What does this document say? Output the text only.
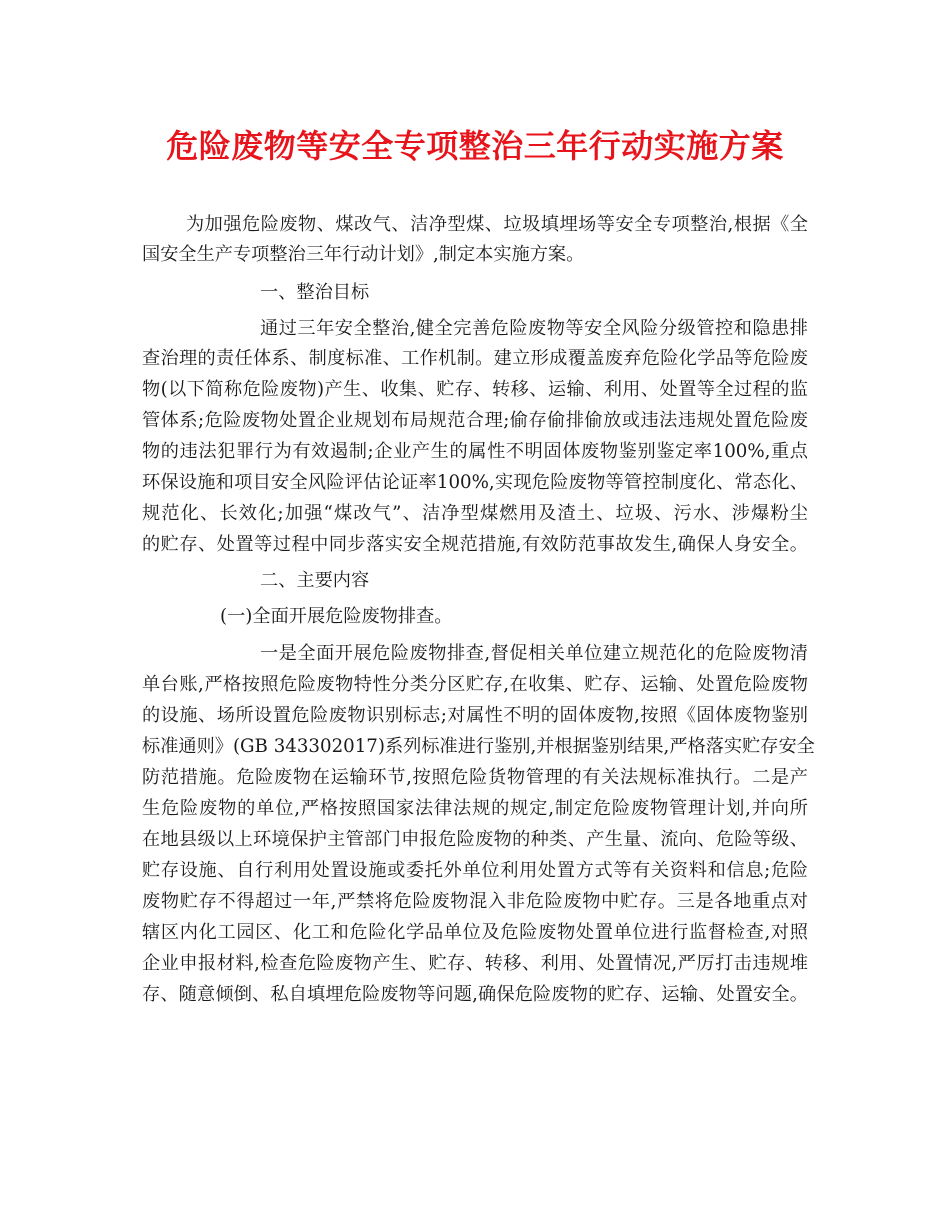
危险废物等安全专项整治三年行动实施方案
为加强危险废物、煤改气、洁净型煤、垃圾填埋场等安全专项整治,根据《全
国安全生产专项整治三年行动计划》,制定本实施方案。
一、整治目标
通过三年安全整治,健全完善危险废物等安全风险分级管控和隐患排
查治理的责任体系、制度标准、工作机制。建立形成覆盖废弃危险化学品等危险废
物(以下简称危险废物)产生、收集、贮存、转移、运输、利用、处置等全过程的监
管体系;危险废物处置企业规划布局规范合理;偷存偷排偷放或违法违规处置危险废
物的违法犯罪行为有效遏制;企业产生的属性不明固体废物鉴别鉴定率100%,重点
环保设施和项目安全风险评估论证率100%,实现危险废物等管控制度化、常态化、
规范化、长效化;加强“煤改气”、洁净型煤燃用及渣土、垃圾、污水、涉爆粉尘
的贮存、处置等过程中同步落实安全规范措施,有效防范事故发生,确保人身安全。
二、主要内容
(一)全面开展危险废物排查。
一是全面开展危险废物排查,督促相关单位建立规范化的危险废物清
单台账,严格按照危险废物特性分类分区贮存,在收集、贮存、运输、处置危险废物
的设施、场所设置危险废物识别标志;对属性不明的固体废物,按照《固体废物鉴别
标准通则》(GB 343302017)系列标准进行鉴别,并根据鉴别结果,严格落实贮存安全
防范措施。危险废物在运输环节,按照危险货物管理的有关法规标准执行。二是产
生危险废物的单位,严格按照国家法律法规的规定,制定危险废物管理计划,并向所
在地县级以上环境保护主管部门申报危险废物的种类、产生量、流向、危险等级、
贮存设施、自行利用处置设施或委托外单位利用处置方式等有关资料和信息;危险
废物贮存不得超过一年,严禁将危险废物混入非危险废物中贮存。三是各地重点对
辖区内化工园区、化工和危险化学品单位及危险废物处置单位进行监督检查,对照
企业申报材料,检查危险废物产生、贮存、转移、利用、处置情况,严厉打击违规堆
存、随意倾倒、私自填埋危险废物等问题,确保危险废物的贮存、运输、处置安全。
